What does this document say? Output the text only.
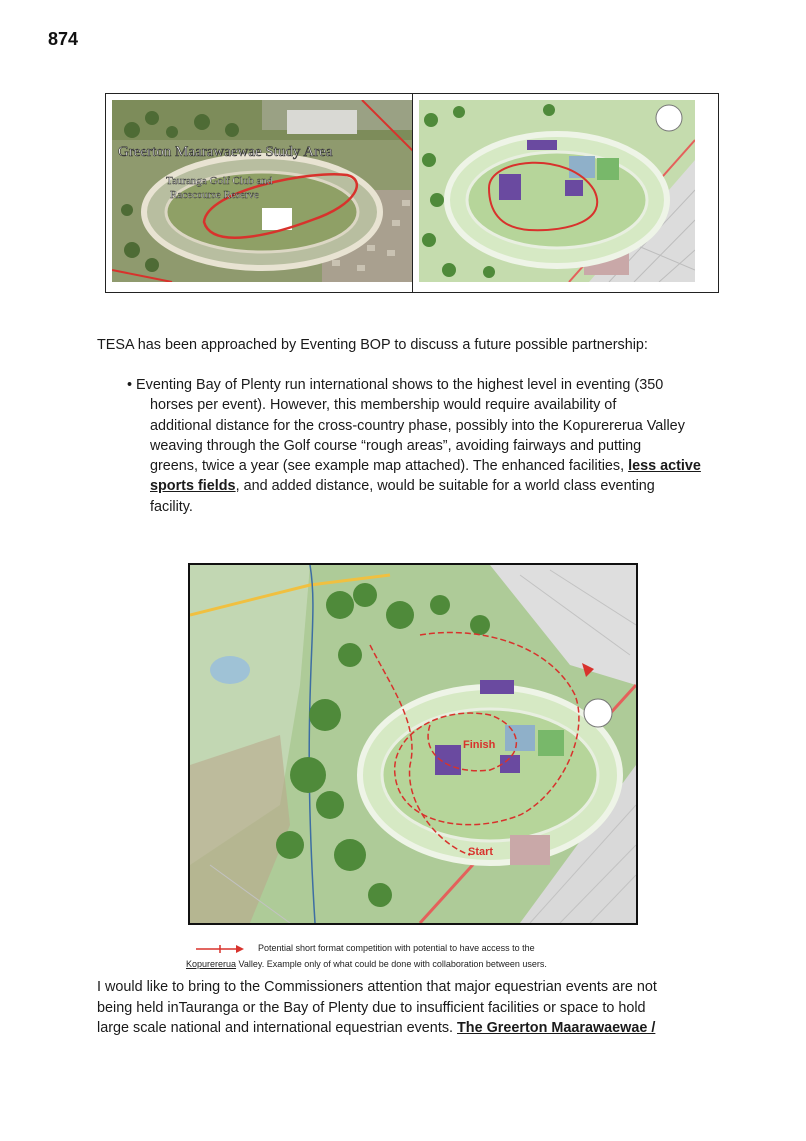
874
Greerton Maarawaewae Study Area
Tauranga Golf Club and
Racecourse Reserve

TESA has been approached by Eventing BOP to discuss a future possible partnership:

• Eventing Bay of Plenty run international shows to the highest level in eventing (350
horses per event). However, this membership would require availability of
additional distance for the cross-country phase, possibly into the Kopurererua Valley
weaving through the Golf course “rough areas”, avoiding fairways and putting
greens, twice a year (see example map attached). The enhanced facilities, less active
sports fields, and added distance, would be suitable for a world class eventing
facility.
Finish
Start
Potential short format competition with potential to have access to the
Kopurererua Valley. Example only of what could be done with collaboration between users.
I would like to bring to the Commissioners attention that major equestrian events are not
being held inTauranga or the Bay of Plenty due to insufficient facilities or space to hold
large scale national and international equestrian events. The Greerton Maarawaewae /
